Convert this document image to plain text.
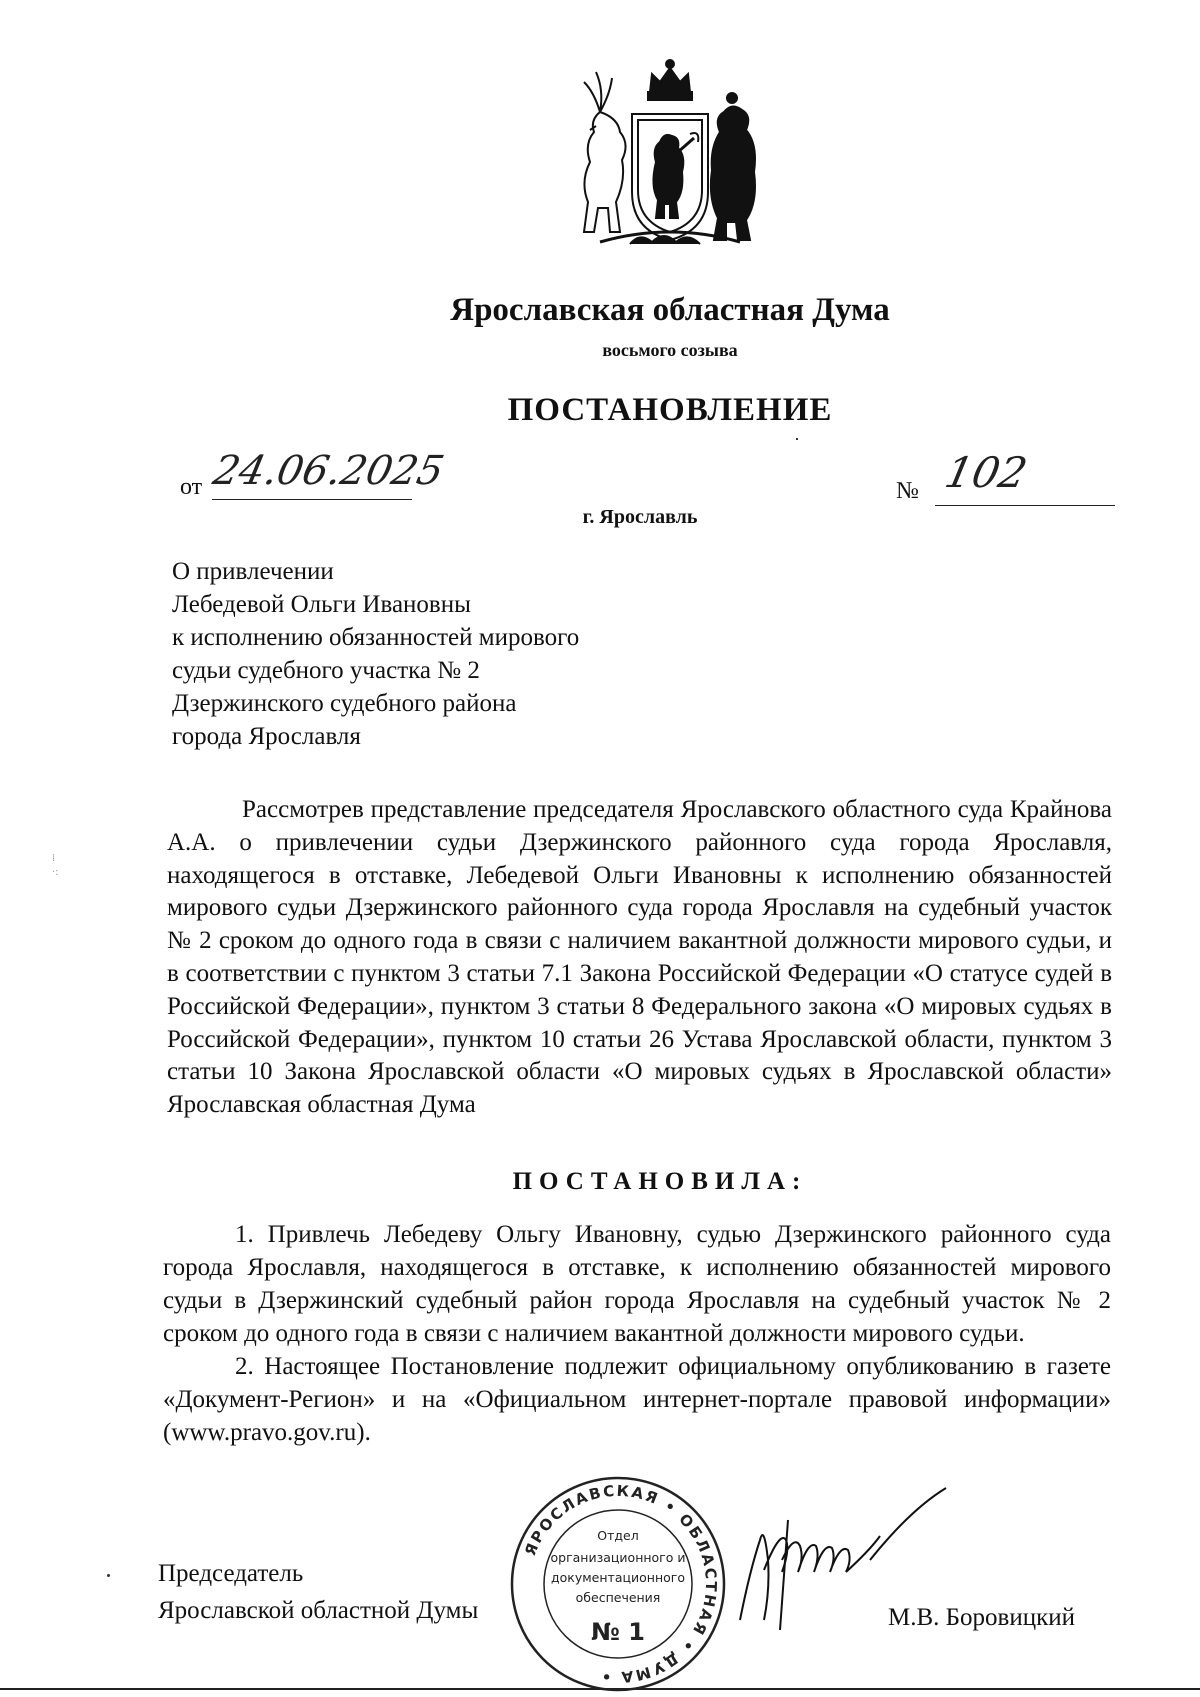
Ярославская областная Дума
восьмого созыва
ПОСТАНОВЛЕНИЕ
от 24.06.2025	№ 102
г. Ярославль
О привлечении
Лебедевой Ольги Ивановны
к исполнению обязанностей мирового
судьи судебного участка № 2
Дзержинского судебного района
города Ярославля
⁞
·:

Рассмотрев представление председателя Ярославского областного суда Крайнова А.А. о привлечении судьи Дзержинского районного суда города Ярославля, находящегося в отставке, Лебедевой Ольги Ивановны к исполнению обязанностей мирового судьи Дзержинского районного суда города Ярославля на судебный участок № 2 сроком до одного года в связи с наличием вакантной должности мирового судьи, и в соответствии с пунктом 3 статьи 7.1 Закона Российской Федерации «О статусе судей в Российской Федерации», пунктом 3 статьи 8 Федерального закона «О мировых судьях в Российской Федерации», пунктом 10 статьи 26 Устава Ярославской области, пунктом 3 статьи 10 Закона Ярославской области «О мировых судьях в Ярославской области» Ярославская областная Дума

ПОСТАНОВИЛА:

1. Привлечь Лебедеву Ольгу Ивановну, судью Дзержинского районного суда города Ярославля, находящегося в отставке, к исполнению обязанностей мирового судьи в Дзержинский судебный район города Ярославля на судебный участок № 2 сроком до одного года в связи с наличием вакантной должности мирового судьи.

2. Настоящее Постановление подлежит официальному опубликованию в газете «Документ-Регион» и на «Официальном интернет-портале правовой информации» (www.pravo.gov.ru).

Председатель
Ярославской областной Думы	М.В. Боровицкий
ЯРОСЛАВСКАЯ • ОБЛАСТНАЯ • ДУМА •
Отдел
организационного и
документационного
обеспечения
№ 1
